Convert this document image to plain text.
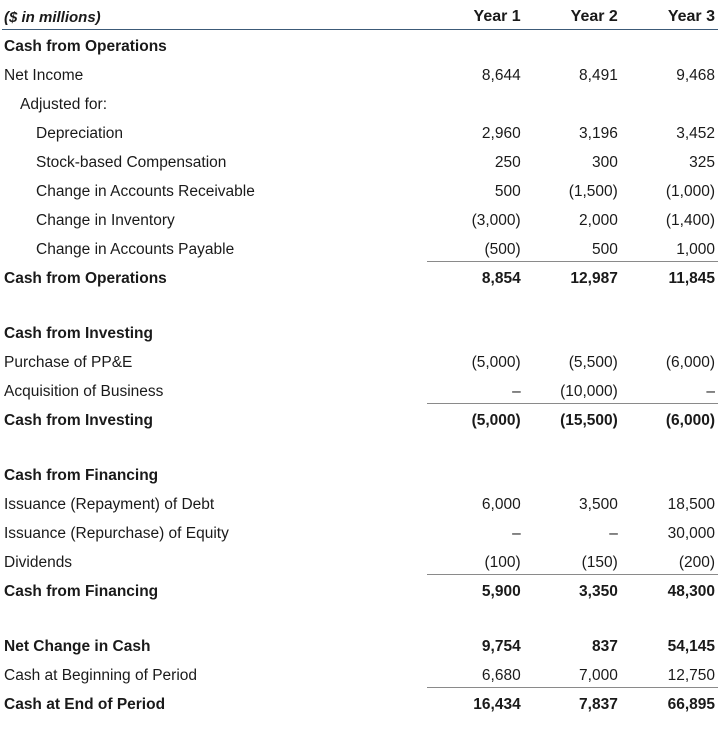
($ in millions)	Year 1	Year 2	Year 3
Cash from Operations			
Net Income	8,644	8,491	9,468
Adjusted for:			
Depreciation	2,960	3,196	3,452
Stock-based Compensation	250	300	325
Change in Accounts Receivable	500	(1,500)	(1,000)
Change in Inventory	(3,000)	2,000	(1,400)
Change in Accounts Payable	(500)	500	1,000
Cash from Operations	8,854	12,987	11,845

Cash from Investing			
Purchase of PP&E	(5,000)	(5,500)	(6,000)
Acquisition of Business	–	(10,000)	–
Cash from Investing	(5,000)	(15,500)	(6,000)

Cash from Financing			
Issuance (Repayment) of Debt	6,000	3,500	18,500
Issuance (Repurchase) of Equity	–	–	30,000
Dividends	(100)	(150)	(200)
Cash from Financing	5,900	3,350	48,300

Net Change in Cash	9,754	837	54,145
Cash at Beginning of Period	6,680	7,000	12,750
Cash at End of Period	16,434	7,837	66,895
